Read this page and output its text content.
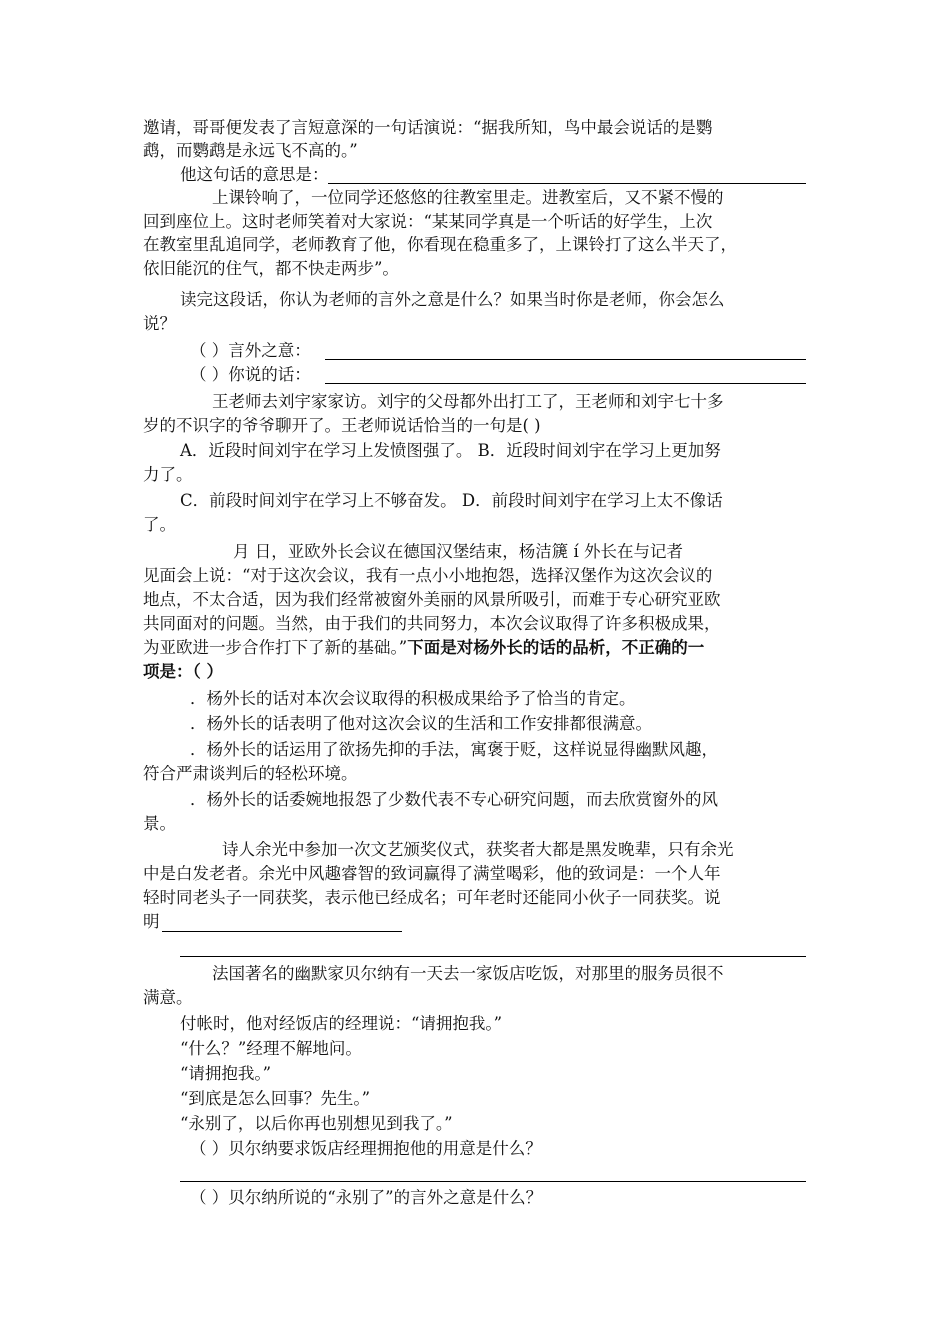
邀请，哥哥便发表了言短意深的一句话演说：“据我所知，鸟中最会说话的是鹦
鹉，而鹦鹉是永远飞不高的。”
他这句话的意思是：
上课铃响了，一位同学还悠悠的往教室里走。进教室后，又不紧不慢的
回到座位上。这时老师笑着对大家说：“某某同学真是一个听话的好学生，上次
在教室里乱追同学，老师教育了他，你看现在稳重多了，上课铃打了这么半天了，
依旧能沉的住气，都不快走两步”。
读完这段话，你认为老师的言外之意是什么？如果当时你是老师，你会怎么
说？
（ ）言外之意：
（ ）你说的话：
王老师去刘宇家家访。刘宇的父母都外出打工了，王老师和刘宇七十多
岁的不识字的爷爷聊开了。王老师说话恰当的一句是( )
A．近段时间刘宇在学习上发愤图强了。 B．近段时间刘宇在学习上更加努
力了。
C．前段时间刘宇在学习上不够奋发。 D．前段时间刘宇在学习上太不像话
了。
月 日，亚欧外长会议在德国汉堡结束，杨洁篪 í 外长在与记者
见面会上说：“对于这次会议，我有一点小小地抱怨，选择汉堡作为这次会议的
地点，不太合适，因为我们经常被窗外美丽的风景所吸引，而难于专心研究亚欧
共同面对的问题。当然，由于我们的共同努力，本次会议取得了许多积极成果，
为亚欧进一步合作打下了新的基础。”下面是对杨外长的话的品析，不正确的一
项是：（ ）
．杨外长的话对本次会议取得的积极成果给予了恰当的肯定。
．杨外长的话表明了他对这次会议的生活和工作安排都很满意。
．杨外长的话运用了欲扬先抑的手法，寓褒于贬，这样说显得幽默风趣，
符合严肃谈判后的轻松环境。
．杨外长的话委婉地报怨了少数代表不专心研究问题，而去欣赏窗外的风
景。
诗人余光中参加一次文艺颁奖仪式，获奖者大都是黑发晚辈，只有余光
中是白发老者。余光中风趣睿智的致词赢得了满堂喝彩，他的致词是：一个人年
轻时同老头子一同获奖，表示他已经成名；可年老时还能同小伙子一同获奖。说
明
法国著名的幽默家贝尔纳有一天去一家饭店吃饭，对那里的服务员很不
满意。
付帐时，他对经饭店的经理说：“请拥抱我。”
“什么？”经理不解地问。
“请拥抱我。”
“到底是怎么回事？先生。”
“永别了，以后你再也别想见到我了。”
（ ）贝尔纳要求饭店经理拥抱他的用意是什么？
（ ）贝尔纳所说的“永别了”的言外之意是什么？
